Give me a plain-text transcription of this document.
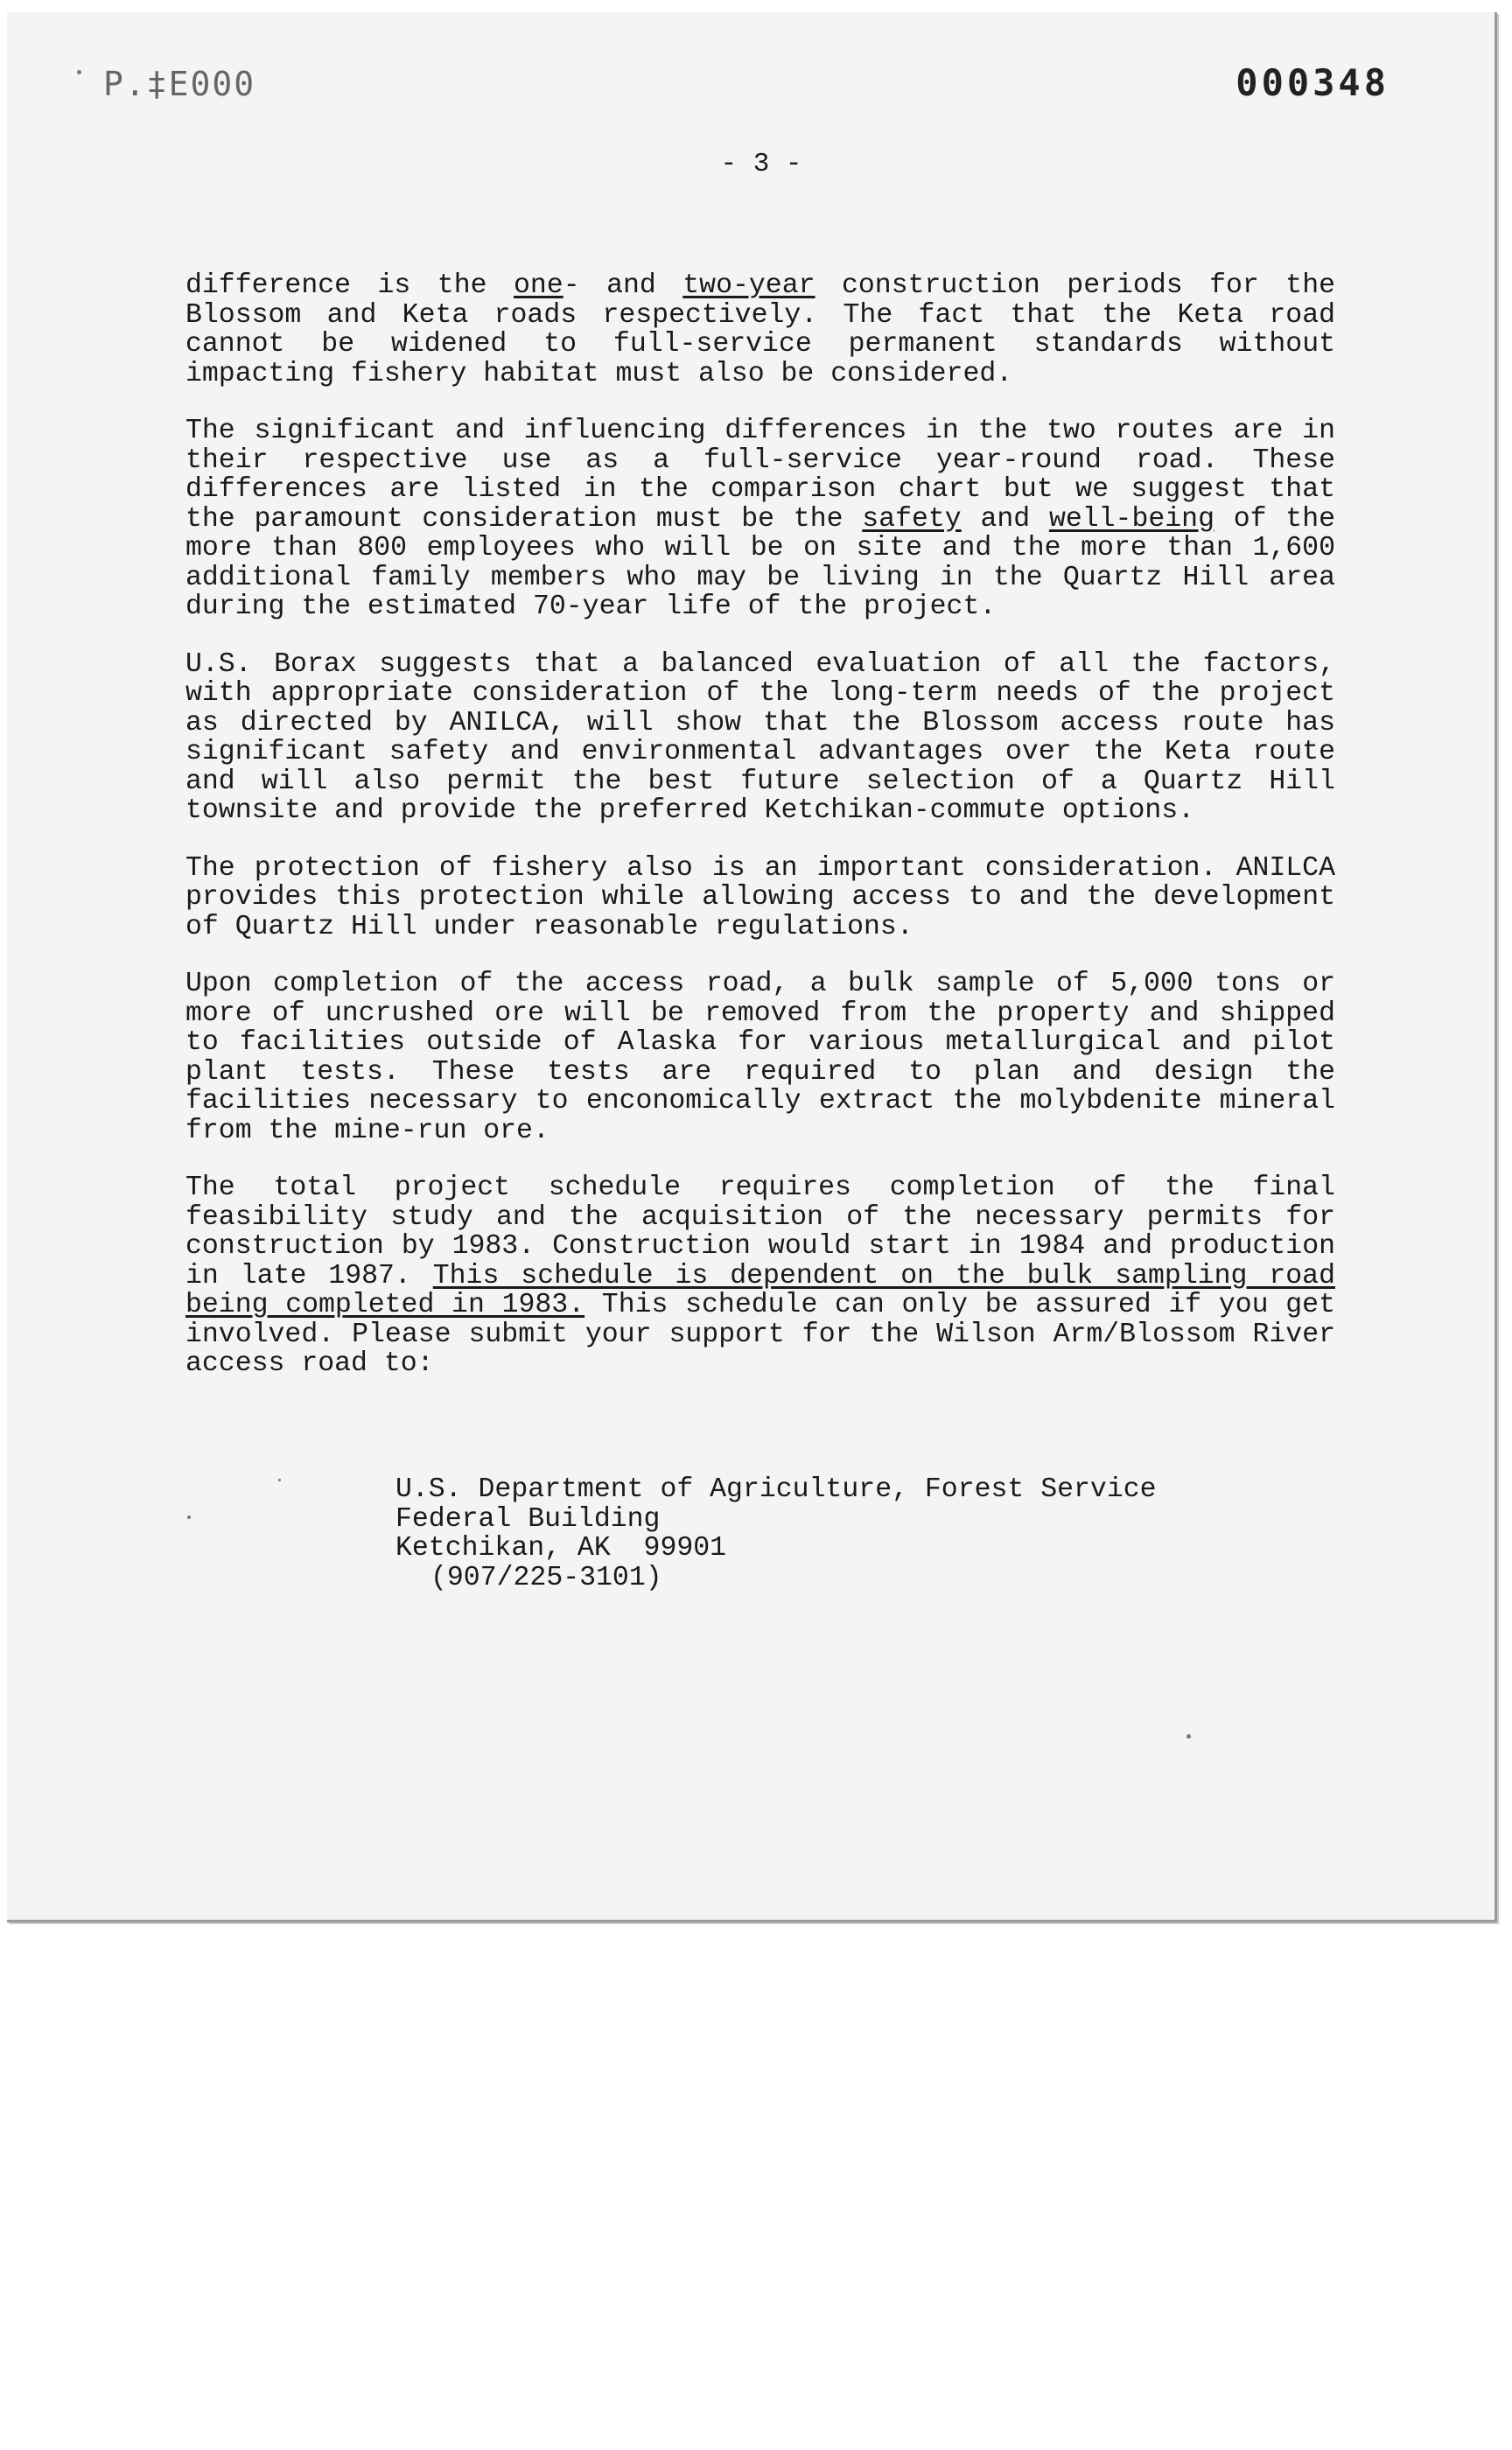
P.‡E000	000348
- 3 -

difference is the one- and two-year construction periods for the Blossom and Keta roads respectively. The fact that the Keta road cannot be widened to full-service permanent standards without impacting fishery habitat must also be considered.

The significant and influencing differences in the two routes are in their respective use as a full-service year-round road. These differences are listed in the comparison chart but we suggest that the paramount consideration must be the safety and well-being of the more than 800 employees who will be on site and the more than 1,600 additional family members who may be living in the Quartz Hill area during the estimated 70-year life of the project.

U.S. Borax suggests that a balanced evaluation of all the factors, with appropriate consideration of the long-term needs of the project as directed by ANILCA, will show that the Blossom access route has significant safety and environmental advantages over the Keta route and will also permit the best future selection of a Quartz Hill townsite and provide the preferred Ketchikan-commute options.

The protection of fishery also is an important consideration. ANILCA provides this protection while allowing access to and the development of Quartz Hill under reasonable regulations.

Upon completion of the access road, a bulk sample of 5,000 tons or more of uncrushed ore will be removed from the property and shipped to facilities outside of Alaska for various metallurgical and pilot plant tests. These tests are required to plan and design the facilities necessary to enconomically extract the molybdenite mineral from the mine-run ore.

The total project schedule requires completion of the final feasibility study and the acquisition of the necessary permits for construction by 1983. Construction would start in 1984 and production in late 1987. This schedule is dependent on the bulk sampling road being completed in 1983. This schedule can only be assured if you get involved. Please submit your support for the Wilson Arm/Blossom River access road to:

U.S. Department of Agriculture, Forest Service
Federal Building
Ketchikan, AK  99901
(907/225-3101)
